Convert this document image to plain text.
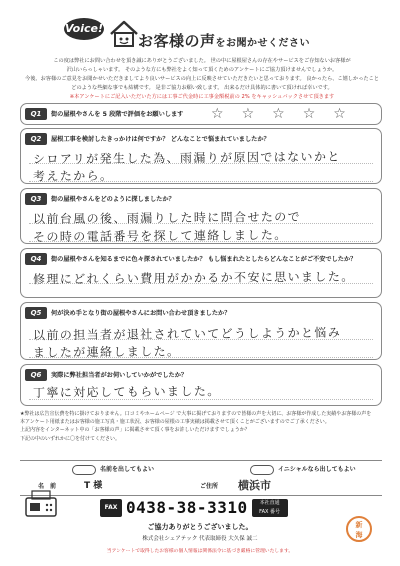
Voice!
お客様の声をお聞かせください

この度は弊社にお問い合わせを頂き誠にありがとうございました。 世の中に屋根屋さんの存在やサービスをご存知ないお客様が

沢山いらっしゃいます。 そのような方にも弊社をよく知って頂くためのアンケートにご協力頂けませんでしょうか。

今後、お客様のご意見をお聞かせいただきましてより良いサービスの向上に反映させていただきたいと思っております。 良かったら、こ嬉しかったこと

どのような些細な事でも結構です。 是非ご協力お願い致します。 出来るだけ具体的に書いて頂ければ幸いです。

※本アンケートにご記入いただいた方には工事ご代金時に工事金額税前の 2% をキャッシュバックさせて頂きます

Q1	街の屋根やさんを 5 段階で評価をお願いします ☆ ☆ ☆ ☆ ☆
Q2	屋根工事を検討したきっかけは何ですか？ どんなことで悩まれていましたか？
シロアリが発生した為、雨漏りが原因ではないかと
考えたから。
Q3	街の屋根やさんをどのように探しましたか？
以前台風の後、雨漏りした時に問合せたので
その時の電話番号を探して連絡しました。
Q4	街の屋根やさんを知るまでに色々探されていましたか？ もし悩まれたとしたらどんなことがご不安でしたか？
修理にどれくらい費用がかかるか不安に思いました。
Q5	何が決め手となり街の屋根やさんにお問い合わせ頂きましたか？
以前の担当者が退社されていてどうしようかと悩み
ましたが連絡しました。
Q6	実際に弊社担当者がお伺いしていかがでしたか？
丁寧に対応してもらいました。

★弊社は広告宣伝費を特に掛けておりません。口コミやホームページ で大事に掲げておりますので皆様の声を大切に、お客様が作成した実績やお客様の声を

本アンケート用紙またはお客様の施工写真・施工状況、お客様の屋根の工事実績は掲載させて頂くことがございますのでご了承ください。

上記内容をインターネット中の「お客様の声」に掲載させて頂く事をお許しいただけますでしょうか？

下記の中のいずれかに〇を付けてください。

名前を出してもよい	イニシャルなら出してもよい
名　前	T 様	ご住所 横浜市
FAX 0438-38-3310	本社直通
FAX 番号
ご協力ありがとうございました。
株式会社シェアテック 代表取締役 大久保 誠二
当アンケートで取得したお客様の個人情報は関係法令に基づき厳格に管理いたします。
新
海
